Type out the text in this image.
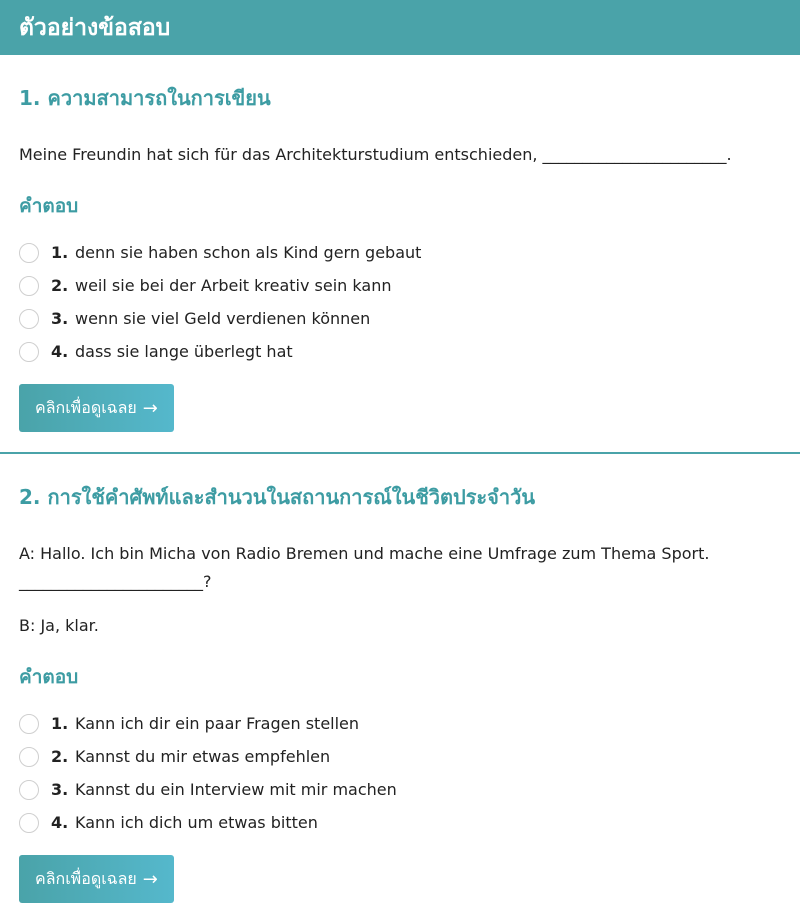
ตัวอย่างข้อสอบ
1. ความสามารถในการเขียน

Meine Freundin hat sich für das Architekturstudium entschieden, _______________________.

คำตอบ
1. denn sie haben schon als Kind gern gebaut
2. weil sie bei der Arbeit kreativ sein kann
3. wenn sie viel Geld verdienen können
4. dass sie lange überlegt hat
คลิกเพื่อดูเฉลย →
2. การใช้คำศัพท์และสำนวนในสถานการณ์ในชีวิตประจำวัน

A: Hallo. Ich bin Micha von Radio Bremen und mache eine Umfrage zum Thema Sport.

_______________________?

B: Ja, klar.

คำตอบ
1. Kann ich dir ein paar Fragen stellen
2. Kannst du mir etwas empfehlen
3. Kannst du ein Interview mit mir machen
4. Kann ich dich um etwas bitten
คลิกเพื่อดูเฉลย →
